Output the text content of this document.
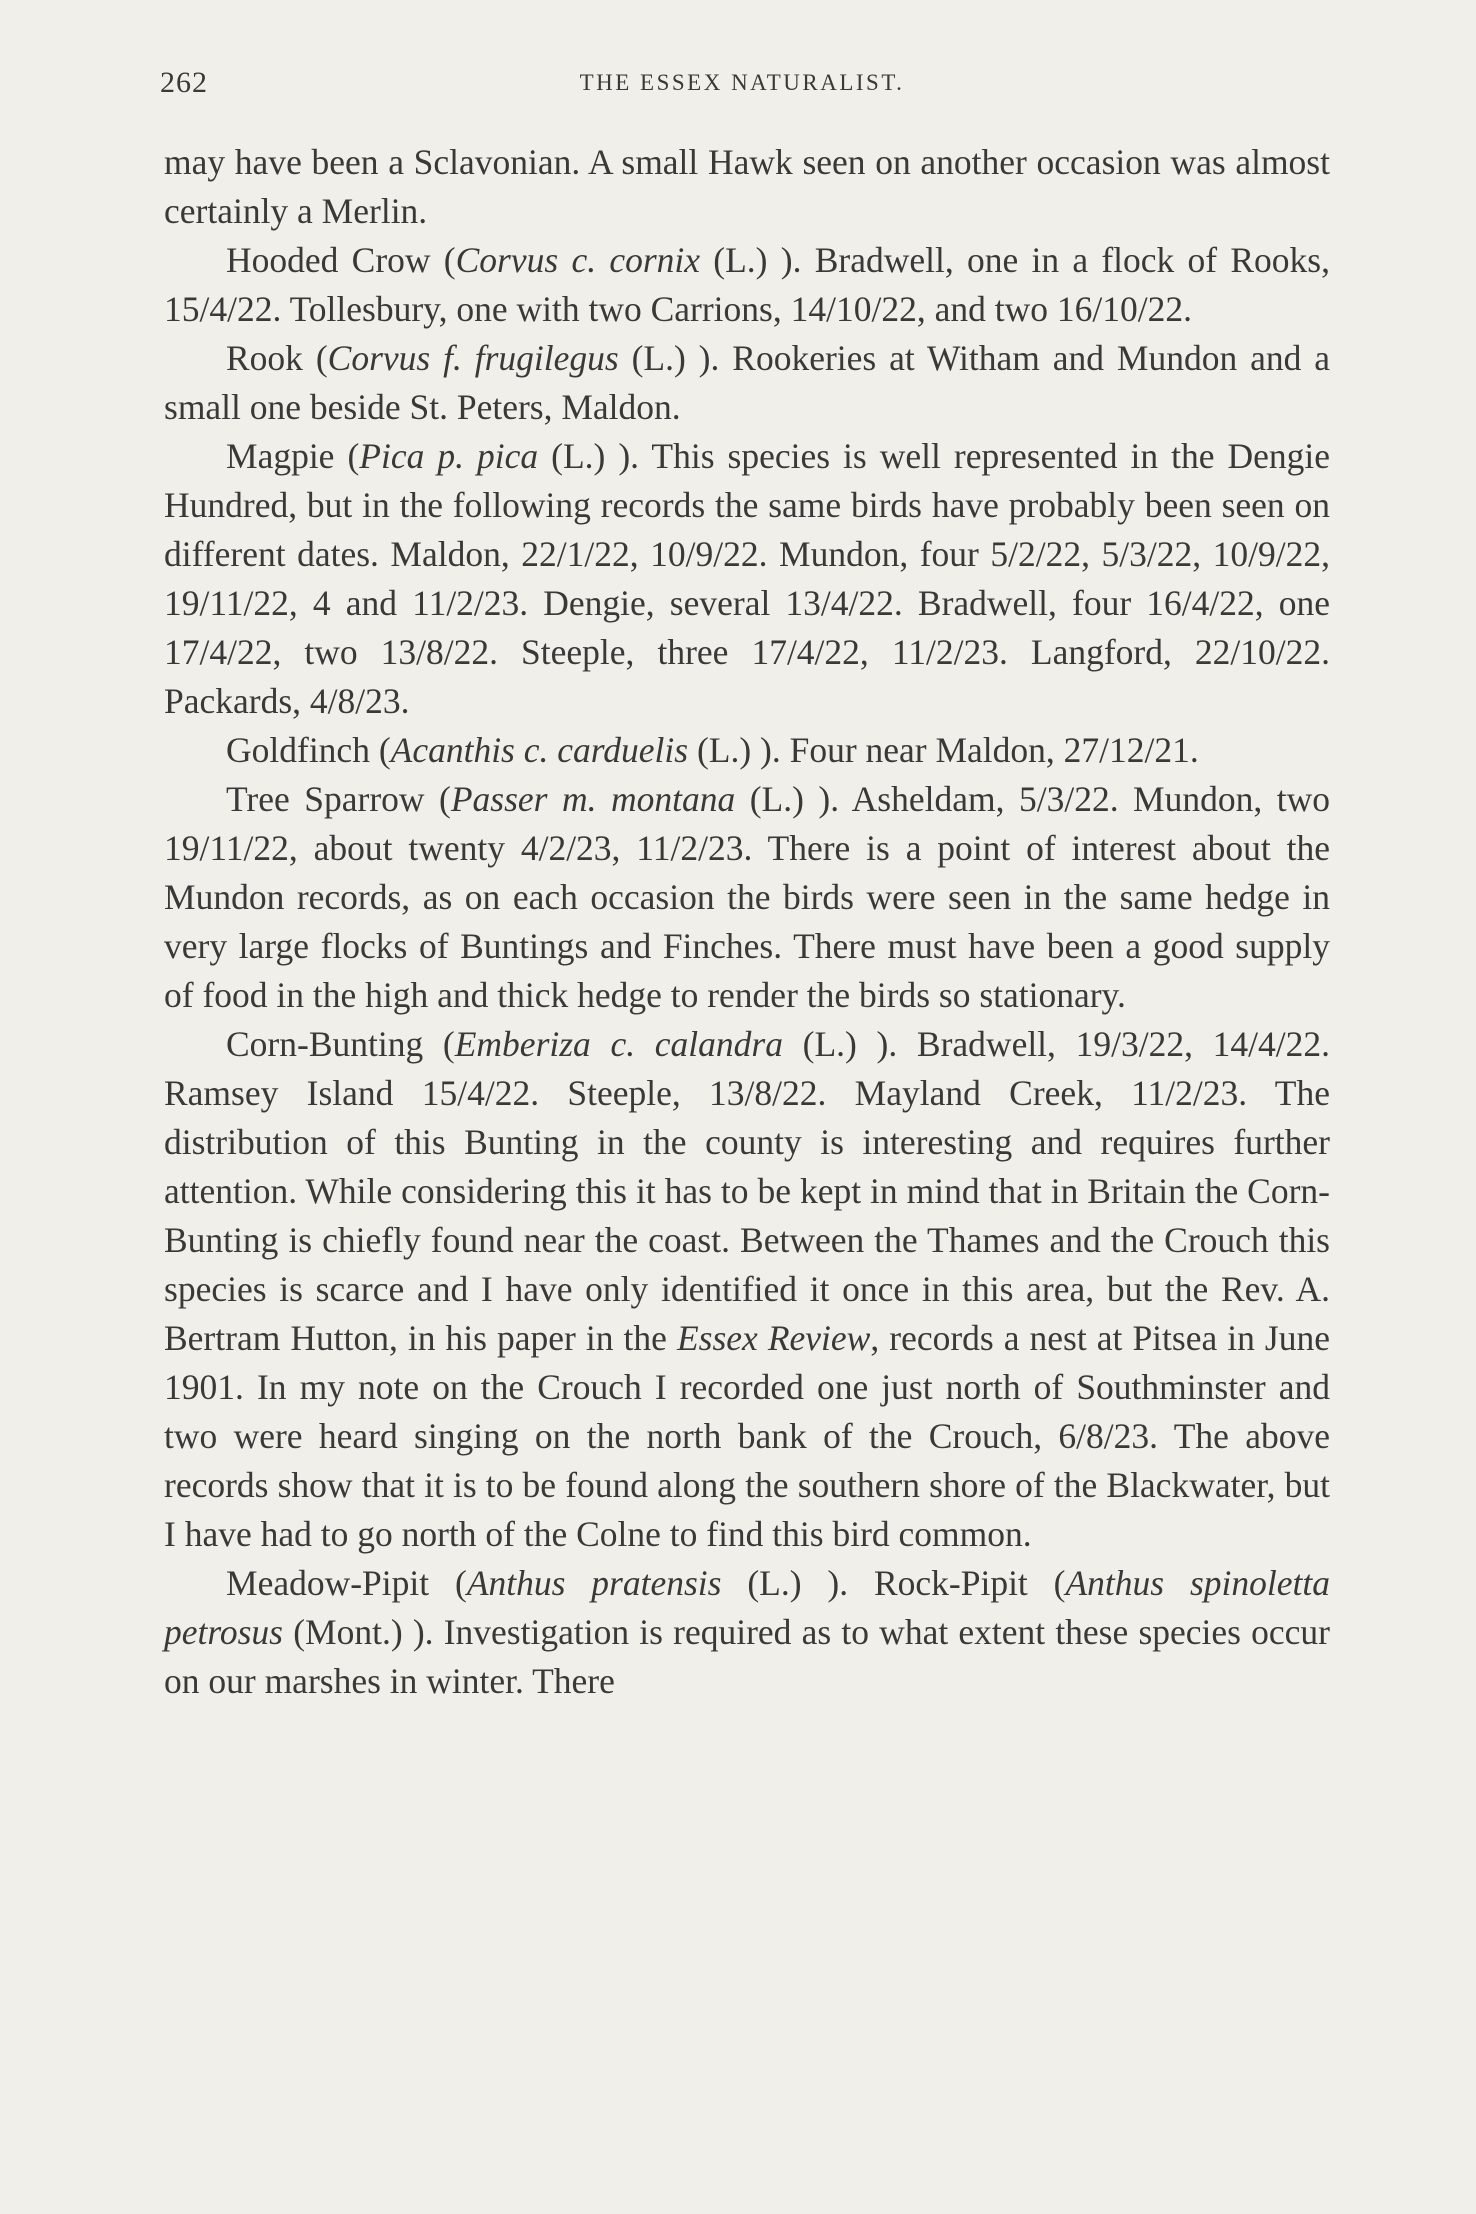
262	THE ESSEX NATURALIST.

may have been a Sclavonian. A small Hawk seen on another occasion was almost certainly a Merlin.

Hooded Crow (Corvus c. cornix (L.) ). Bradwell, one in a flock of Rooks, 15/4/22. Tollesbury, one with two Carrions, 14/10/22, and two 16/10/22.

Rook (Corvus f. frugilegus (L.) ). Rookeries at Witham and Mundon and a small one beside St. Peters, Maldon.

Magpie (Pica p. pica (L.) ). This species is well represented in the Dengie Hundred, but in the following records the same birds have probably been seen on different dates. Maldon, 22/1/22, 10/9/22. Mundon, four 5/2/22, 5/3/22, 10/9/22, 19/11/22, 4 and 11/2/23. Dengie, several 13/4/22. Bradwell, four 16/4/22, one 17/4/22, two 13/8/22. Steeple, three 17/4/22, 11/2/23. Langford, 22/10/22. Packards, 4/8/23.

Goldfinch (Acanthis c. carduelis (L.) ). Four near Maldon, 27/12/21.

Tree Sparrow (Passer m. montana (L.) ). Asheldam, 5/3/22. Mundon, two 19/11/22, about twenty 4/2/23, 11/2/23. There is a point of interest about the Mundon records, as on each occasion the birds were seen in the same hedge in very large flocks of Buntings and Finches. There must have been a good supply of food in the high and thick hedge to render the birds so stationary.

Corn-Bunting (Emberiza c. calandra (L.) ). Bradwell, 19/3/22, 14/4/22. Ramsey Island 15/4/22. Steeple, 13/8/22. Mayland Creek, 11/2/23. The distribution of this Bunting in the county is interesting and requires further attention. While considering this it has to be kept in mind that in Britain the Corn-Bunting is chiefly found near the coast. Between the Thames and the Crouch this species is scarce and I have only identified it once in this area, but the Rev. A. Bertram Hutton, in his paper in the Essex Review, records a nest at Pitsea in June 1901. In my note on the Crouch I recorded one just north of Southminster and two were heard singing on the north bank of the Crouch, 6/8/23. The above records show that it is to be found along the southern shore of the Blackwater, but I have had to go north of the Colne to find this bird common.

Meadow-Pipit (Anthus pratensis (L.) ). Rock-Pipit (Anthus spinoletta petrosus (Mont.) ). Investigation is required as to what extent these species occur on our marshes in winter. There
